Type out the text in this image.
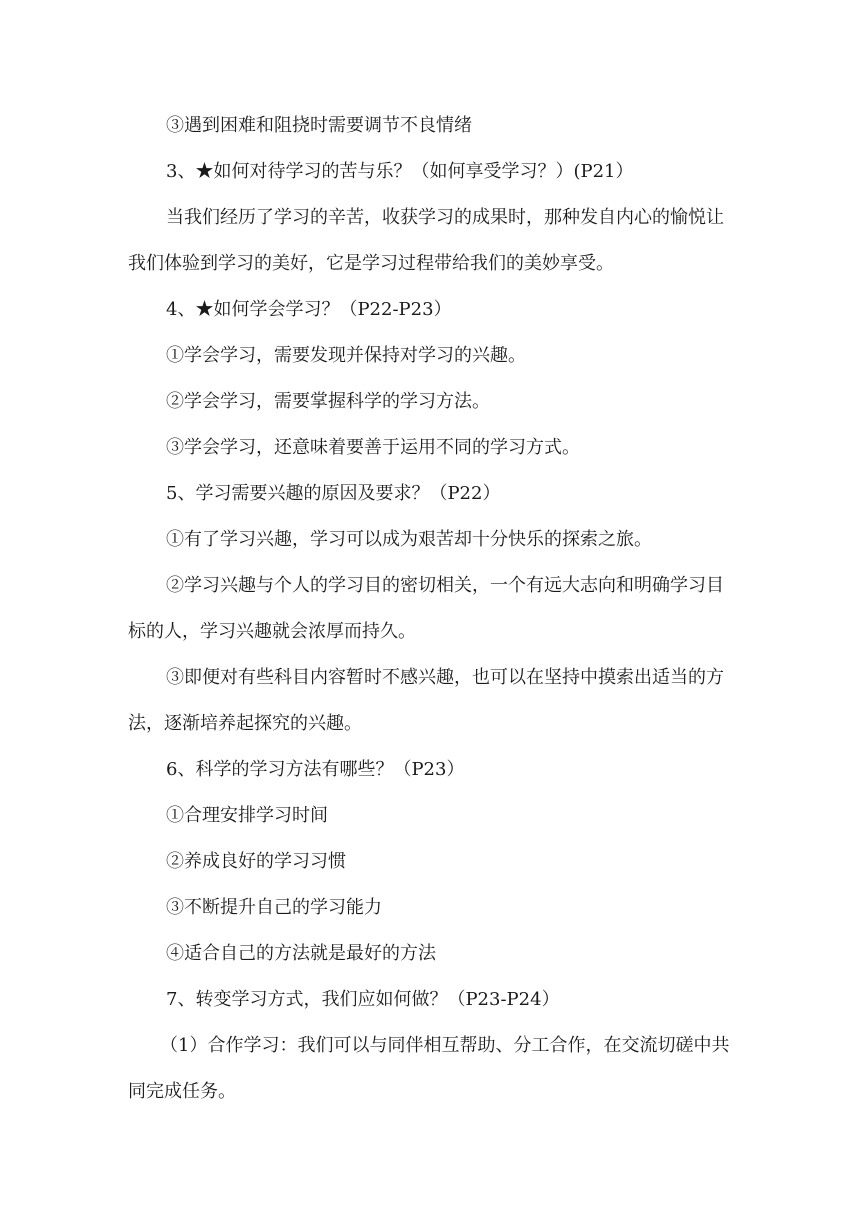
③遇到困难和阻挠时需要调节不良情绪

3、★如何对待学习的苦与乐？（如何享受学习？）(P21）

当我们经历了学习的辛苦，收获学习的成果时，那种发自内心的愉悦让

我们体验到学习的美好，它是学习过程带给我们的美妙享受。

4、★如何学会学习？（P22-P23）

①学会学习，需要发现并保持对学习的兴趣。

②学会学习，需要掌握科学的学习方法。

③学会学习，还意味着要善于运用不同的学习方式。

5、学习需要兴趣的原因及要求？（P22）

①有了学习兴趣，学习可以成为艰苦却十分快乐的探索之旅。

②学习兴趣与个人的学习目的密切相关，一个有远大志向和明确学习目

标的人，学习兴趣就会浓厚而持久。

③即便对有些科目内容暂时不感兴趣，也可以在坚持中摸索出适当的方

法，逐渐培养起探究的兴趣。

6、科学的学习方法有哪些？（P23）

①合理安排学习时间

②养成良好的学习习惯

③不断提升自己的学习能力

④适合自己的方法就是最好的方法

7、转变学习方式，我们应如何做？（P23-P24）

（1）合作学习：我们可以与同伴相互帮助、分工合作，在交流切磋中共

同完成任务。
